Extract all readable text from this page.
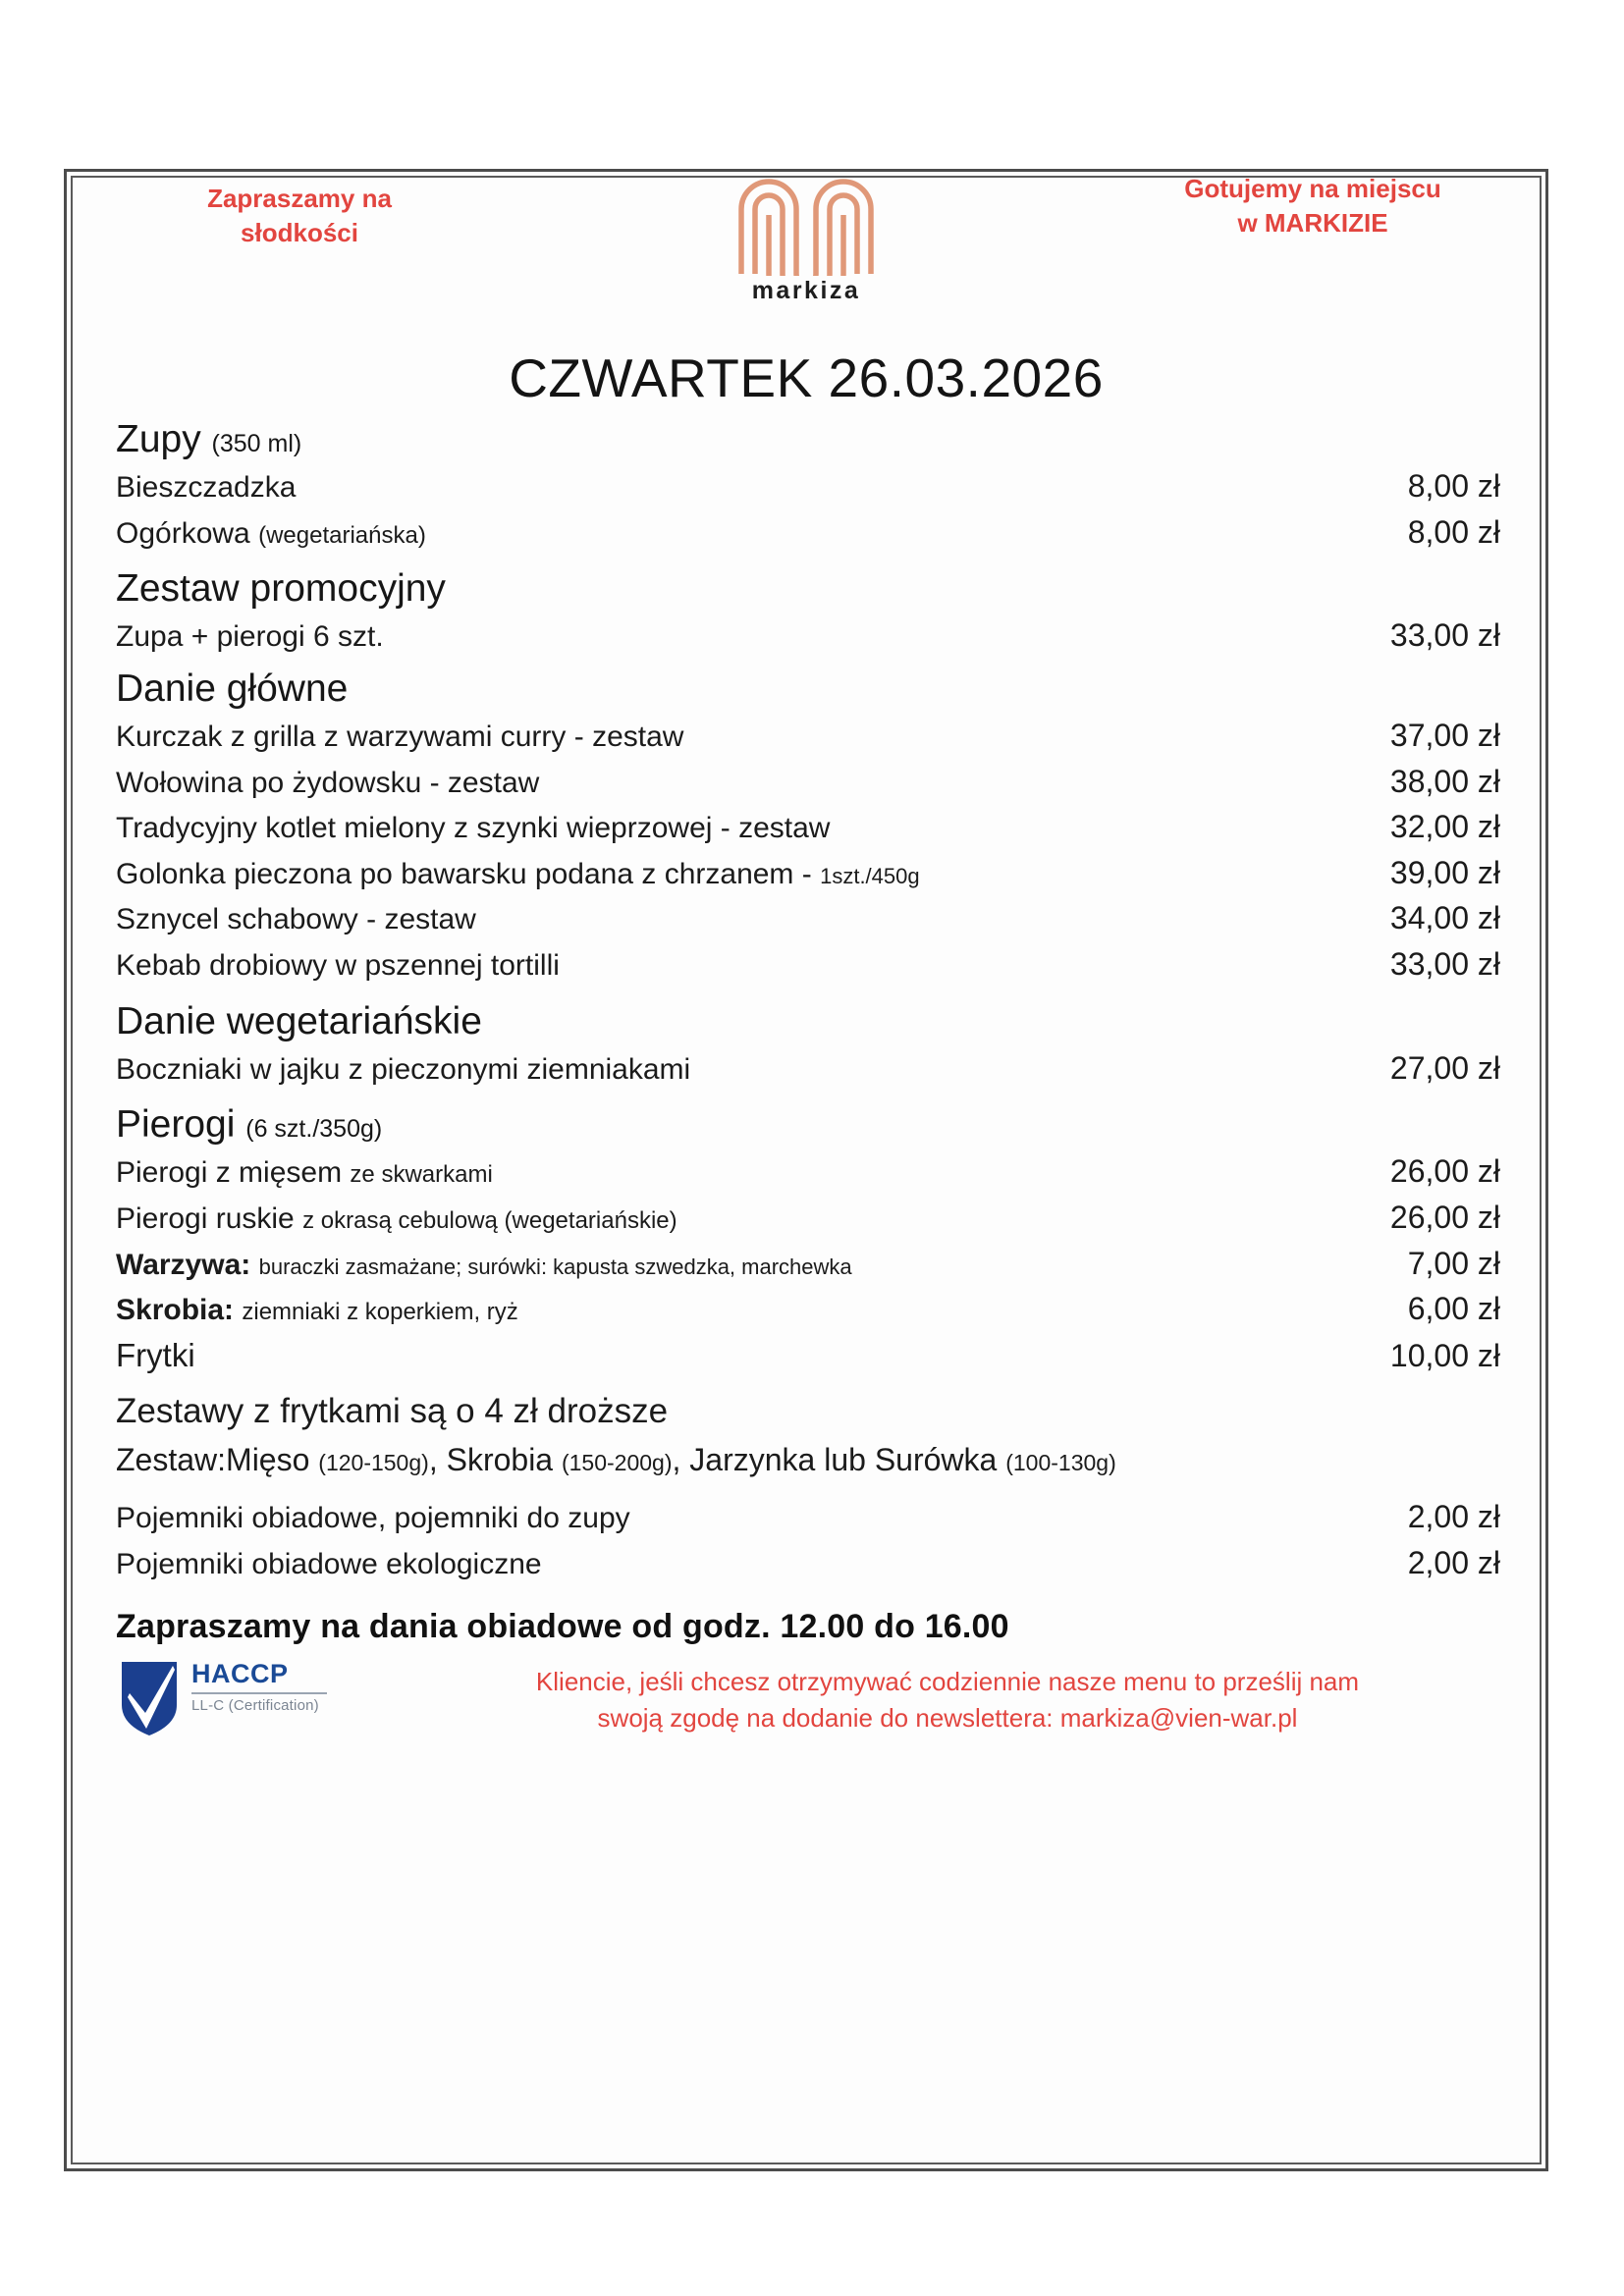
Zapraszamy na
słodkości
markiza
Gotujemy na miejscu
w MARKIZIE
CZWARTEK 26.03.2026
Zupy (350 ml)
Bieszczadzka	8,00 zł
Ogórkowa (wegetariańska)	8,00 zł
Zestaw promocyjny
Zupa + pierogi 6 szt.	33,00 zł
Danie główne
Kurczak z grilla z warzywami curry - zestaw	37,00 zł
Wołowina po żydowsku - zestaw	38,00 zł
Tradycyjny kotlet mielony z szynki wieprzowej - zestaw	32,00 zł
Golonka pieczona po bawarsku podana z chrzanem - 1szt./450g	39,00 zł
Sznycel schabowy - zestaw	34,00 zł
Kebab drobiowy w pszennej tortilli	33,00 zł
Danie wegetariańskie
Boczniaki w jajku z pieczonymi ziemniakami	27,00 zł
Pierogi (6 szt./350g)
Pierogi z mięsem ze skwarkami	26,00 zł
Pierogi ruskie z okrasą cebulową (wegetariańskie)	26,00 zł
Warzywa: buraczki zasmażane; surówki: kapusta szwedzka, marchewka	7,00 zł
Skrobia: ziemniaki z koperkiem, ryż	6,00 zł
Frytki	10,00 zł
Zestawy z frytkami są o 4 zł droższe
Zestaw:Mięso (120-150g), Skrobia (150-200g), Jarzynka lub Surówka (100-130g)
Pojemniki obiadowe, pojemniki do zupy	2,00 zł
Pojemniki obiadowe ekologiczne	2,00 zł
Zapraszamy na dania obiadowe od godz. 12.00 do 16.00
HACCP
LL-C (Certification)
Kliencie, jeśli chcesz otrzymywać codziennie nasze menu to prześlij nam
swoją zgodę na dodanie do newslettera: markiza@vien-war.pl
